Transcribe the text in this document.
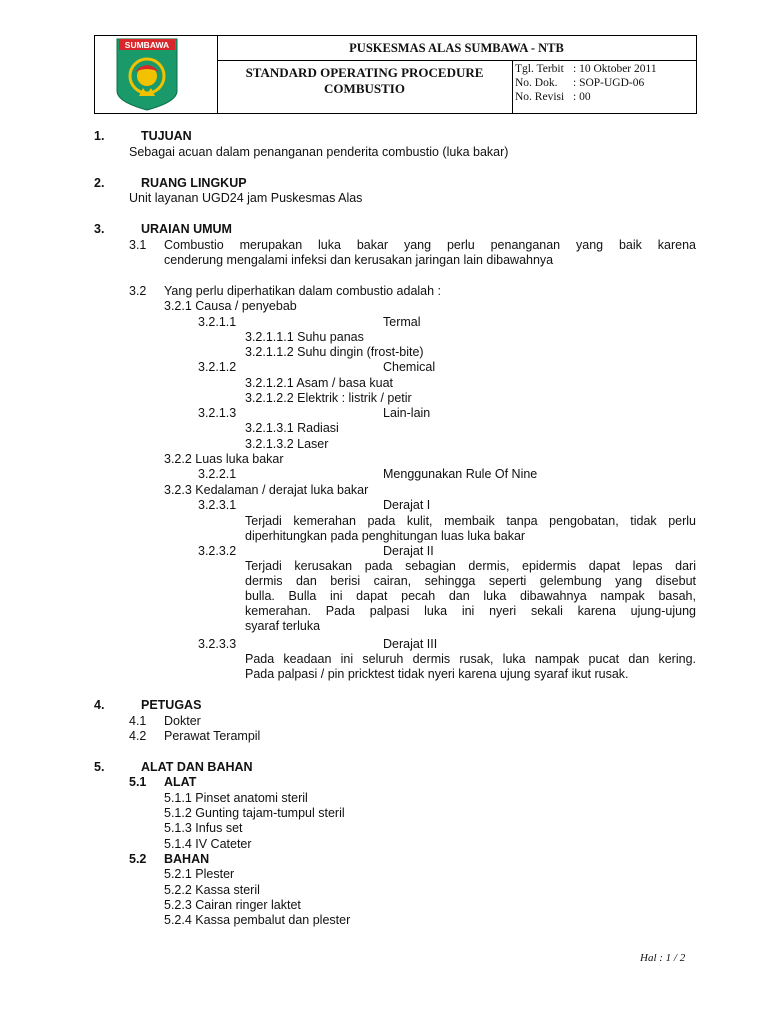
SUMBAWA	PUSKESMAS ALAS SUMBAWA - NTB
STANDARD OPERATING PROCEDURE
COMBUSTIO
Tgl. Terbit : 10 Oktober 2011
No. Dok. : SOP-UGD-06
No. Revisi : 00
1.	TUJUAN
Sebagai acuan dalam penanganan penderita combustio (luka bakar)
2.	RUANG LINGKUP
Unit layanan UGD24 jam Puskesmas Alas
3.	URAIAN UMUM
3.1 Combustio merupakan luka bakar yang perlu penanganan yang baik karena
cenderung mengalami infeksi dan kerusakan jaringan lain dibawahnya
3.2 Yang perlu diperhatikan dalam combustio adalah :
3.2.1 Causa / penyebab
3.2.1.1	Termal
3.2.1.1.1 Suhu panas
3.2.1.1.2 Suhu dingin (frost-bite)
3.2.1.2	Chemical
3.2.1.2.1 Asam / basa kuat
3.2.1.2.2 Elektrik : listrik / petir
3.2.1.3	Lain-lain
3.2.1.3.1 Radiasi
3.2.1.3.2 Laser
3.2.2 Luas luka bakar
3.2.2.1	Menggunakan Rule Of Nine
3.2.3 Kedalaman / derajat luka bakar
3.2.3.1	Derajat I
Terjadi kemerahan pada kulit, membaik tanpa pengobatan, tidak perlu
diperhitungkan pada penghitungan luas luka bakar
3.2.3.2	Derajat II
Terjadi kerusakan pada sebagian dermis, epidermis dapat lepas dari
dermis dan berisi cairan, sehingga seperti gelembung yang disebut
bulla. Bulla ini dapat pecah dan luka dibawahnya nampak basah,
kemerahan. Pada palpasi luka ini nyeri sekali karena ujung-ujung
syaraf terluka
3.2.3.3	Derajat III
Pada keadaan ini seluruh dermis rusak, luka nampak pucat dan kering.
Pada palpasi / pin pricktest tidak nyeri karena ujung syaraf ikut rusak.
4.	PETUGAS
4.1 Dokter
4.2 Perawat Terampil
5.	ALAT DAN BAHAN
5.1 ALAT
5.1.1 Pinset anatomi steril
5.1.2 Gunting tajam-tumpul steril
5.1.3 Infus set
5.1.4 IV Cateter
5.2 BAHAN
5.2.1 Plester
5.2.2 Kassa steril
5.2.3 Cairan ringer laktet
5.2.4 Kassa pembalut dan plester
Hal : 1 / 2
